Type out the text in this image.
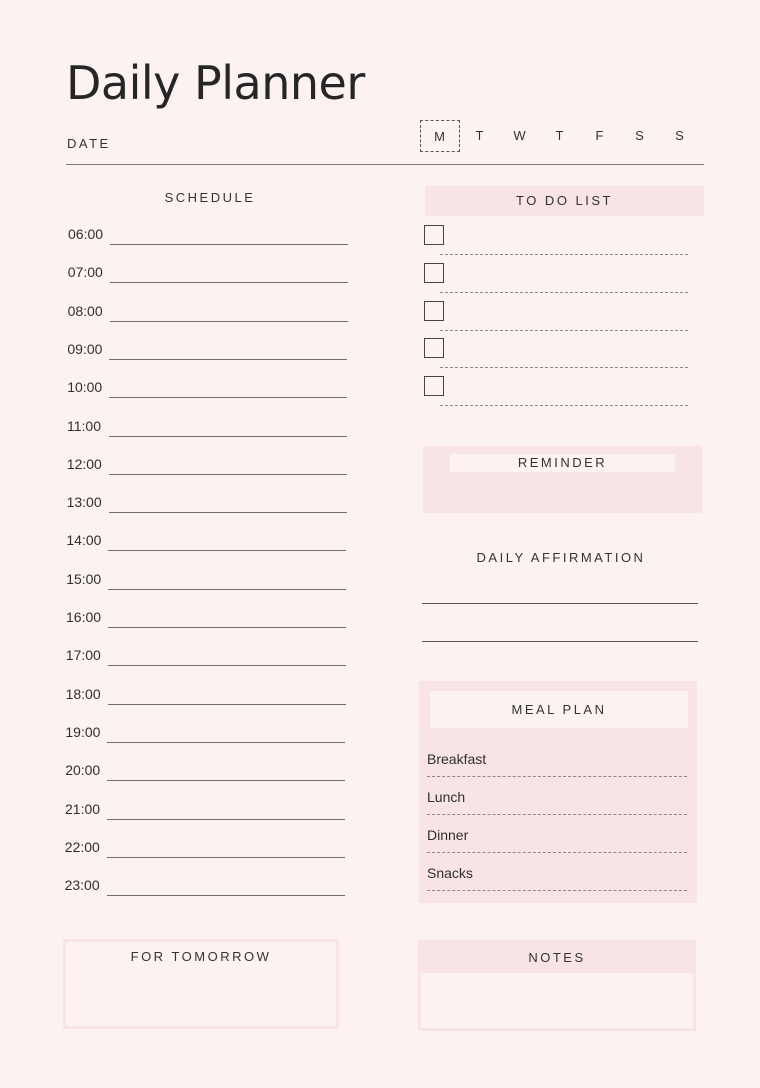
Daily Planner
DATE	M	T	W	T	F	S	S
SCHEDULE
06:00
07:00
08:00
09:00
10:00
11:00
12:00
13:00
14:00
15:00
16:00
17:00
18:00
19:00
20:00
21:00
22:00
23:00
TO DO LIST
REMINDER
DAILY AFFIRMATION
MEAL PLAN
Breakfast
Lunch
Dinner
Snacks
FOR TOMORROW	NOTES
